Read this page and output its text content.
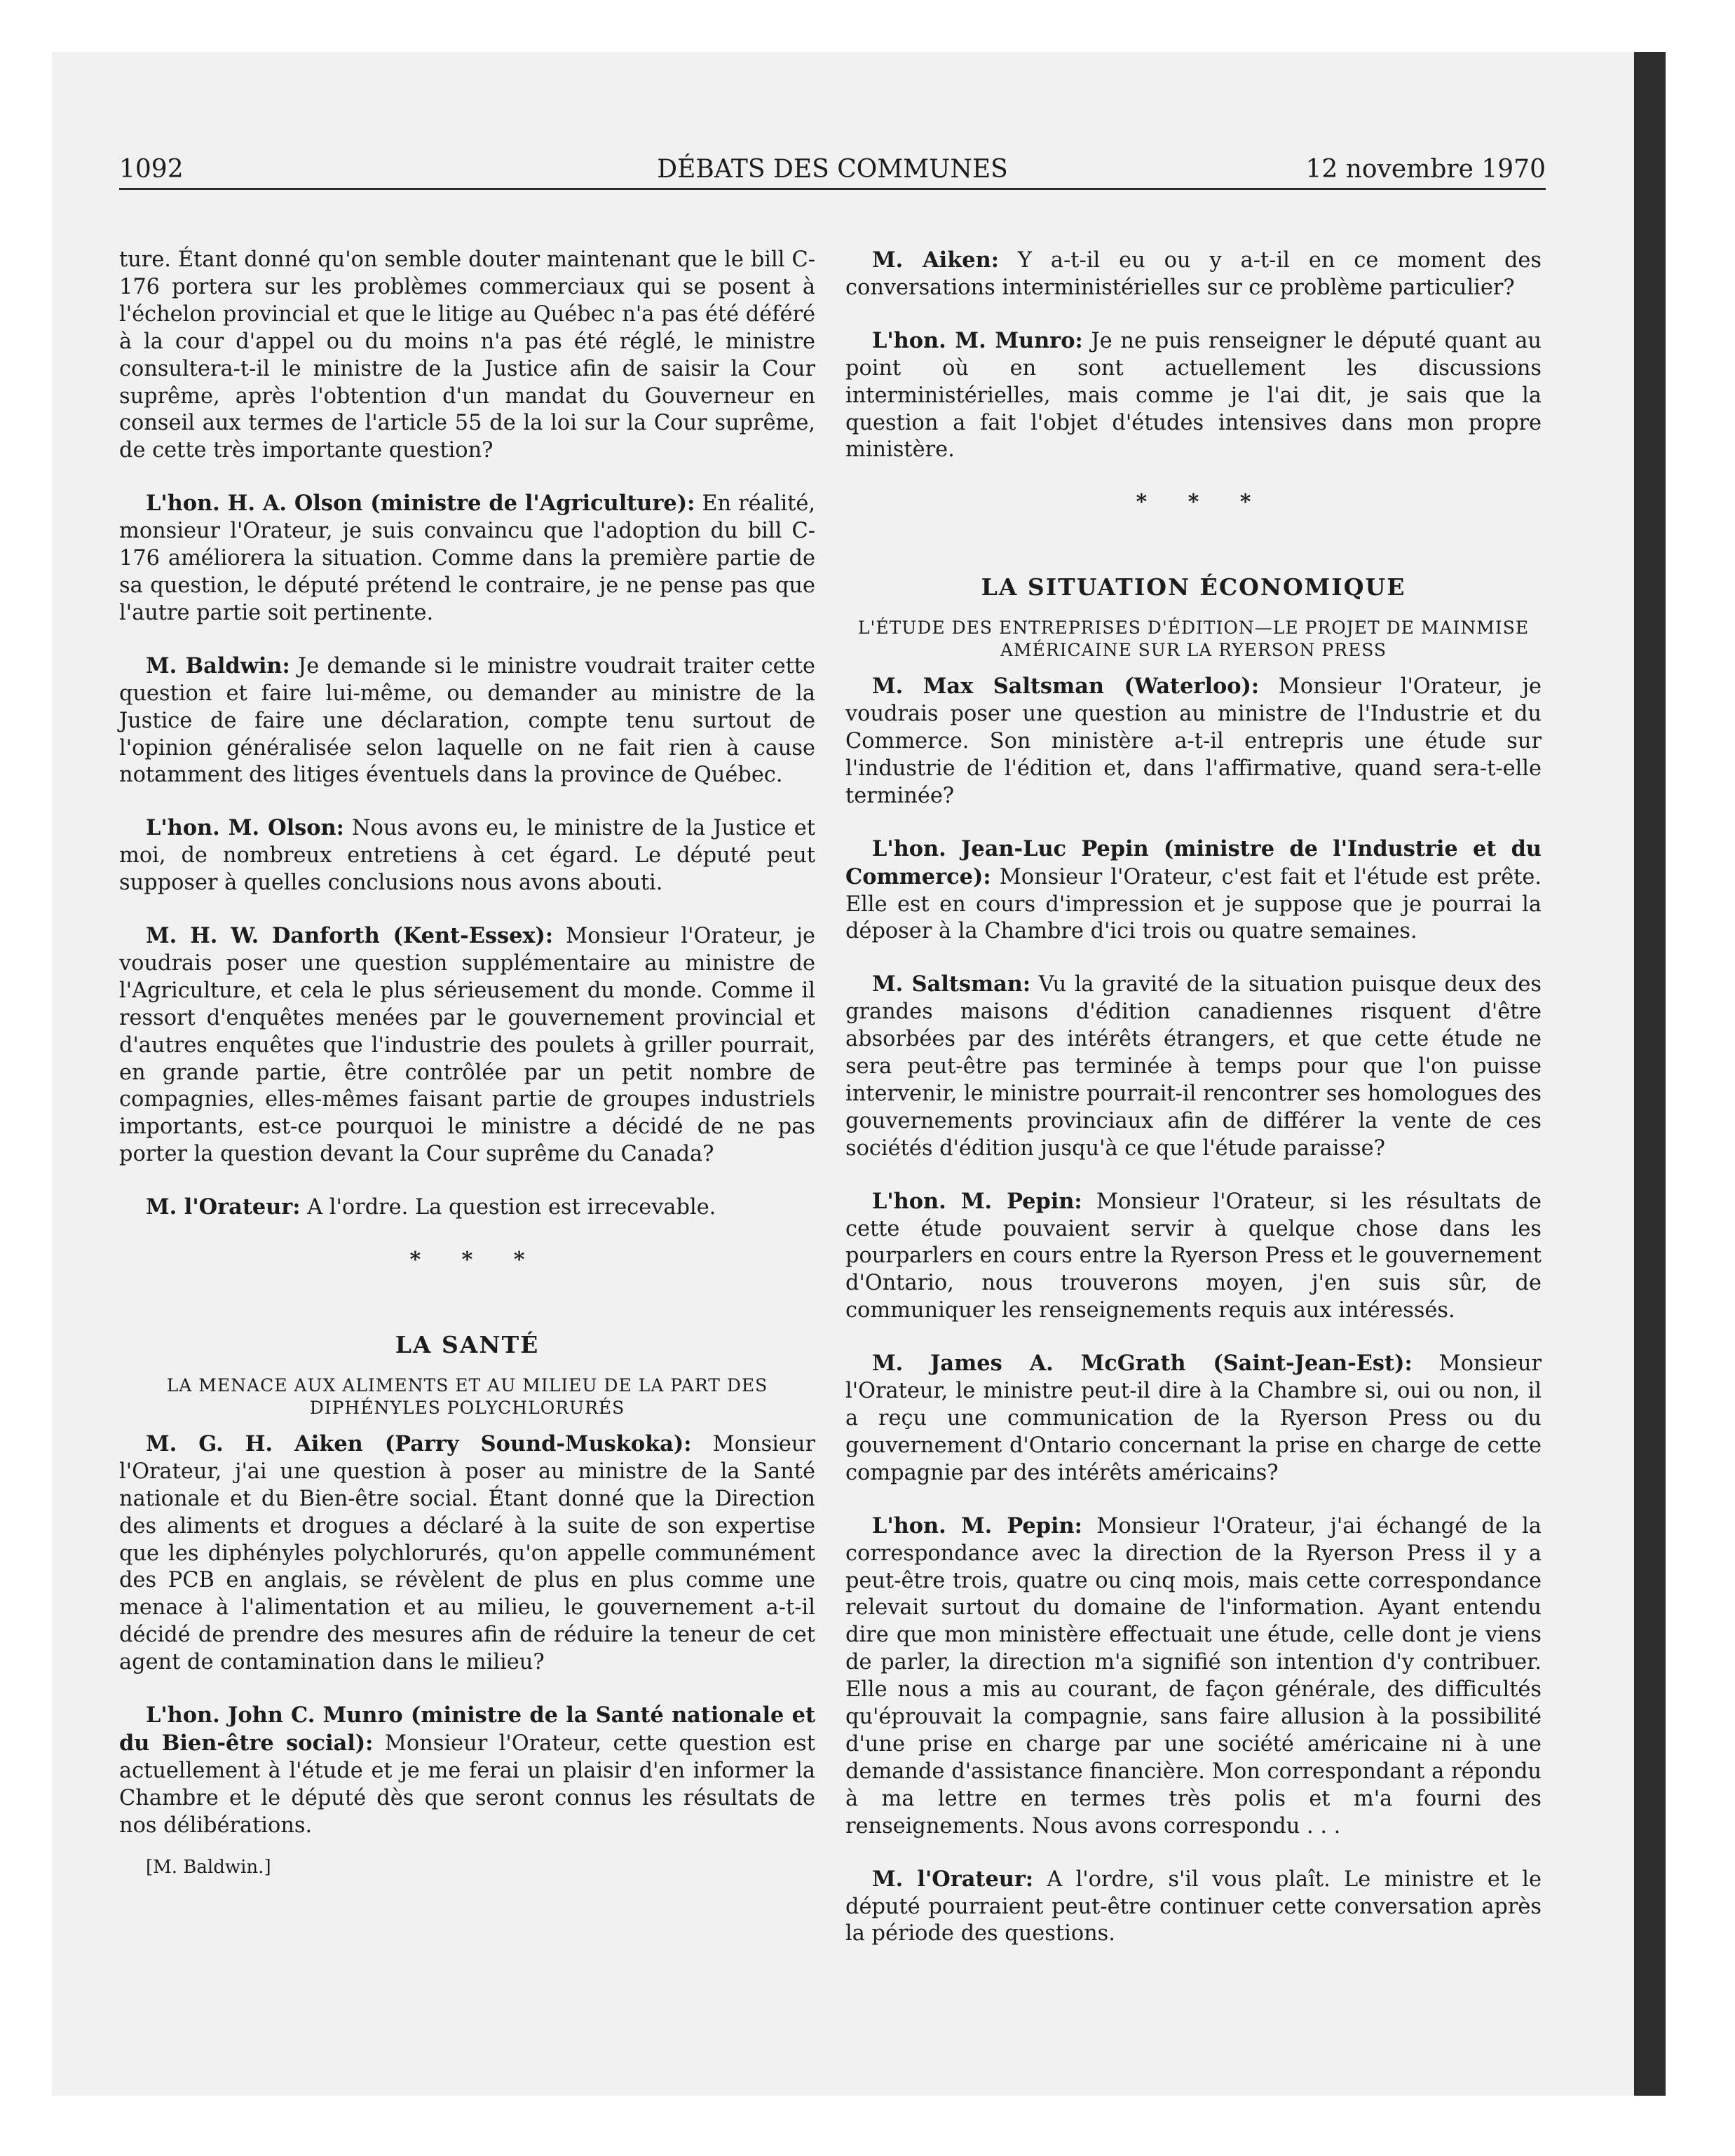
1092	DÉBATS DES COMMUNES	12 novembre 1970

ture. Étant donné qu'on semble douter maintenant que le bill C-176 portera sur les problèmes commerciaux qui se posent à l'échelon provincial et que le litige au Québec n'a pas été déféré à la cour d'appel ou du moins n'a pas été réglé, le ministre consultera-t-il le ministre de la Justice afin de saisir la Cour suprême, après l'obtention d'un mandat du Gouverneur en conseil aux termes de l'article 55 de la loi sur la Cour suprême, de cette très importante question?

L'hon. H. A. Olson (ministre de l'Agriculture): En réalité, monsieur l'Orateur, je suis convaincu que l'adoption du bill C-176 améliorera la situation. Comme dans la première partie de sa question, le député prétend le contraire, je ne pense pas que l'autre partie soit pertinente.

M. Baldwin: Je demande si le ministre voudrait traiter cette question et faire lui-même, ou demander au ministre de la Justice de faire une déclaration, compte tenu surtout de l'opinion généralisée selon laquelle on ne fait rien à cause notamment des litiges éventuels dans la province de Québec.

L'hon. M. Olson: Nous avons eu, le ministre de la Justice et moi, de nombreux entretiens à cet égard. Le député peut supposer à quelles conclusions nous avons abouti.

M. H. W. Danforth (Kent-Essex): Monsieur l'Orateur, je voudrais poser une question supplémentaire au ministre de l'Agriculture, et cela le plus sérieusement du monde. Comme il ressort d'enquêtes menées par le gouvernement provincial et d'autres enquêtes que l'industrie des poulets à griller pourrait, en grande partie, être contrôlée par un petit nombre de compagnies, elles-mêmes faisant partie de groupes industriels importants, est-ce pourquoi le ministre a décidé de ne pas porter la question devant la Cour suprême du Canada?

M. l'Orateur: A l'ordre. La question est irrecevable.

* * *
LA SANTÉ
LA MENACE AUX ALIMENTS ET AU MILIEU DE LA PART DES DIPHÉNYLES POLYCHLORURÉS

M. G. H. Aiken (Parry Sound-Muskoka): Monsieur l'Orateur, j'ai une question à poser au ministre de la Santé nationale et du Bien-être social. Étant donné que la Direction des aliments et drogues a déclaré à la suite de son expertise que les diphényles polychlorurés, qu'on appelle communément des PCB en anglais, se révèlent de plus en plus comme une menace à l'alimentation et au milieu, le gouvernement a-t-il décidé de prendre des mesures afin de réduire la teneur de cet agent de contamination dans le milieu?

L'hon. John C. Munro (ministre de la Santé nationale et du Bien-être social): Monsieur l'Orateur, cette question est actuellement à l'étude et je me ferai un plaisir d'en informer la Chambre et le député dès que seront connus les résultats de nos délibérations.

[M. Baldwin.]

M. Aiken: Y a-t-il eu ou y a-t-il en ce moment des conversations interministérielles sur ce problème particulier?

L'hon. M. Munro: Je ne puis renseigner le député quant au point où en sont actuellement les discussions interministérielles, mais comme je l'ai dit, je sais que la question a fait l'objet d'études intensives dans mon propre ministère.

* * *
LA SITUATION ÉCONOMIQUE
L'ÉTUDE DES ENTREPRISES D'ÉDITION—LE PROJET DE MAINMISE AMÉRICAINE SUR LA RYERSON PRESS

M. Max Saltsman (Waterloo): Monsieur l'Orateur, je voudrais poser une question au ministre de l'Industrie et du Commerce. Son ministère a-t-il entrepris une étude sur l'industrie de l'édition et, dans l'affirmative, quand sera-t-elle terminée?

L'hon. Jean-Luc Pepin (ministre de l'Industrie et du Commerce): Monsieur l'Orateur, c'est fait et l'étude est prête. Elle est en cours d'impression et je suppose que je pourrai la déposer à la Chambre d'ici trois ou quatre semaines.

M. Saltsman: Vu la gravité de la situation puisque deux des grandes maisons d'édition canadiennes risquent d'être absorbées par des intérêts étrangers, et que cette étude ne sera peut-être pas terminée à temps pour que l'on puisse intervenir, le ministre pourrait-il rencontrer ses homologues des gouvernements provinciaux afin de différer la vente de ces sociétés d'édition jusqu'à ce que l'étude paraisse?

L'hon. M. Pepin: Monsieur l'Orateur, si les résultats de cette étude pouvaient servir à quelque chose dans les pourparlers en cours entre la Ryerson Press et le gouvernement d'Ontario, nous trouverons moyen, j'en suis sûr, de communiquer les renseignements requis aux intéressés.

M. James A. McGrath (Saint-Jean-Est): Monsieur l'Orateur, le ministre peut-il dire à la Chambre si, oui ou non, il a reçu une communication de la Ryerson Press ou du gouvernement d'Ontario concernant la prise en charge de cette compagnie par des intérêts américains?

L'hon. M. Pepin: Monsieur l'Orateur, j'ai échangé de la correspondance avec la direction de la Ryerson Press il y a peut-être trois, quatre ou cinq mois, mais cette correspondance relevait surtout du domaine de l'information. Ayant entendu dire que mon ministère effectuait une étude, celle dont je viens de parler, la direction m'a signifié son intention d'y contribuer. Elle nous a mis au courant, de façon générale, des difficultés qu'éprouvait la compagnie, sans faire allusion à la possibilité d'une prise en charge par une société américaine ni à une demande d'assistance financière. Mon correspondant a répondu à ma lettre en termes très polis et m'a fourni des renseignements. Nous avons correspondu . . .

M. l'Orateur: A l'ordre, s'il vous plaît. Le ministre et le député pourraient peut-être continuer cette conversation après la période des questions.
